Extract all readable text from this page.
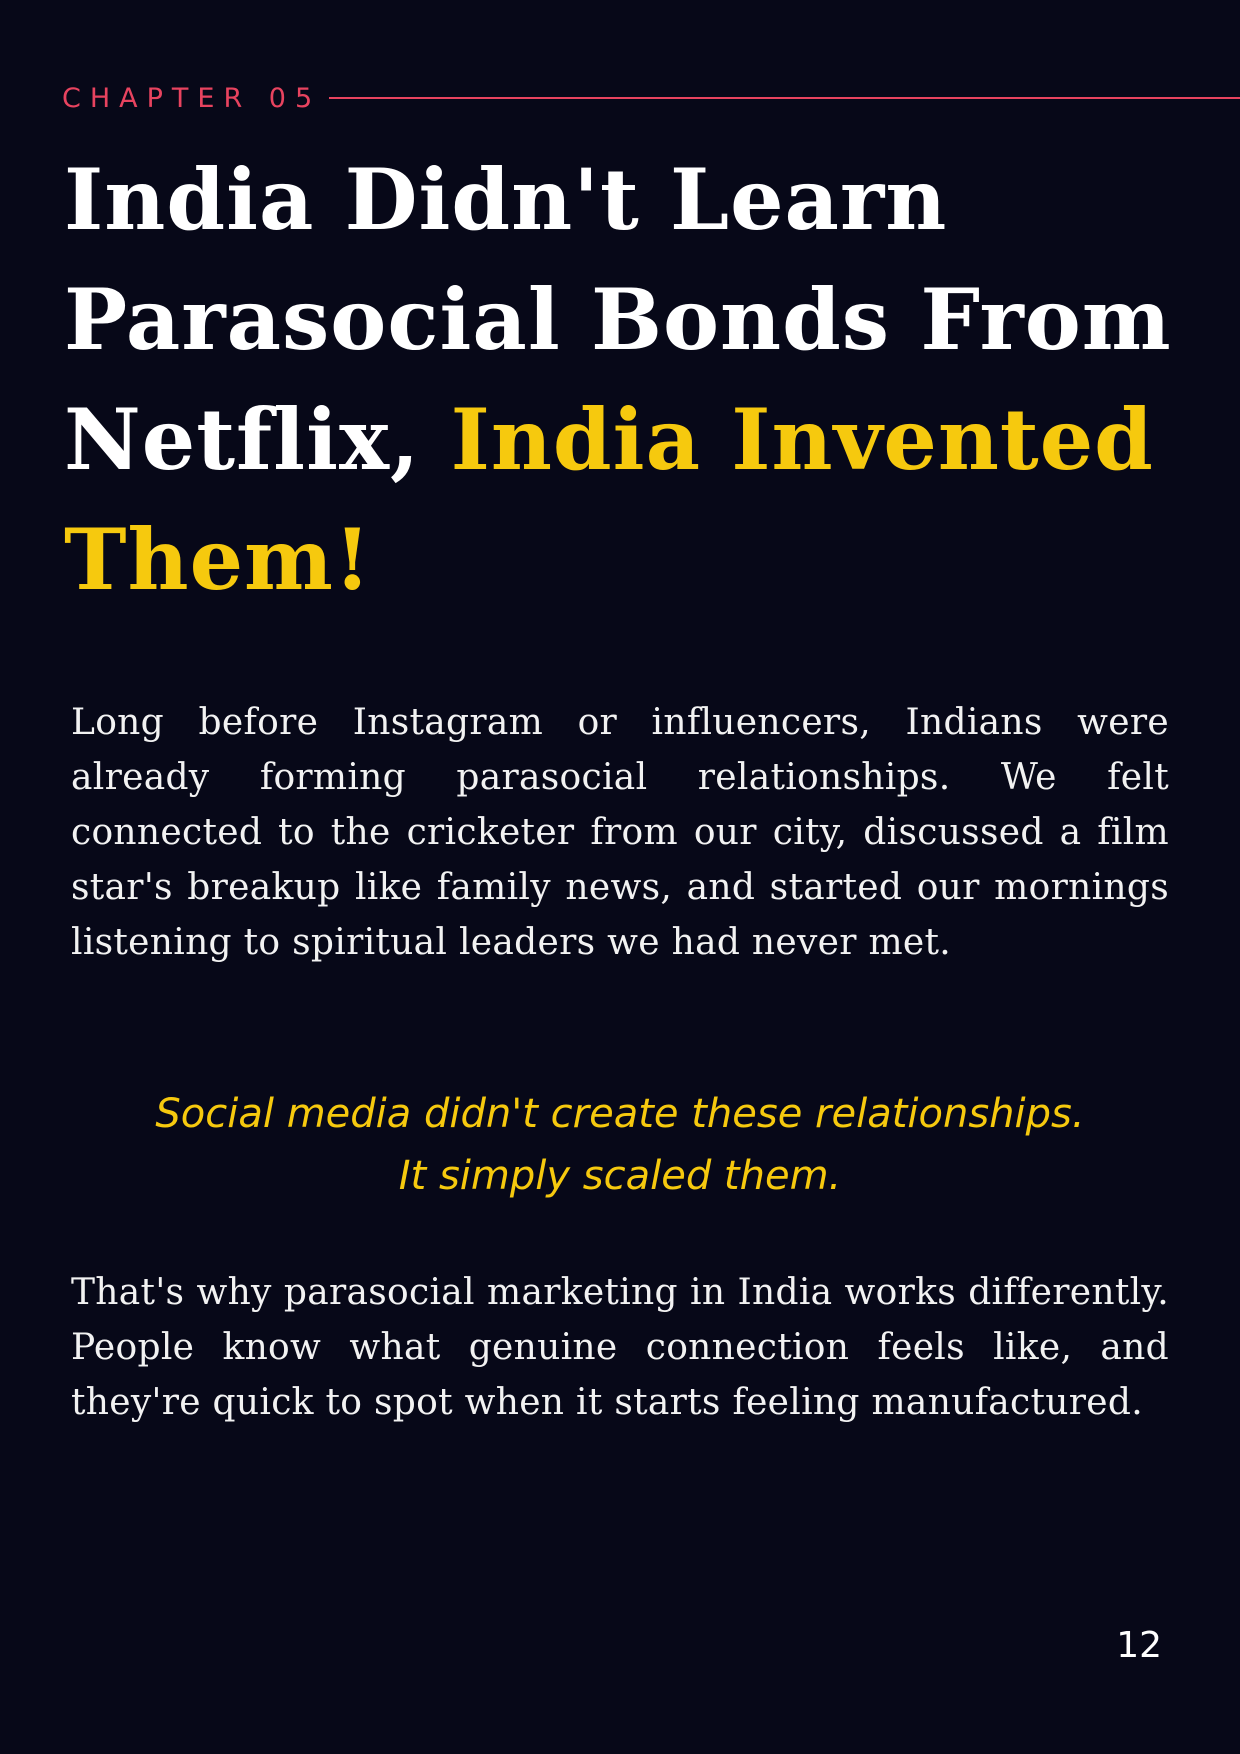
CHAPTER 05
India Didn't Learn Parasocial Bonds From Netflix, India Invented Them!

Long before Instagram or influencers, Indians were already forming parasocial relationships. We felt connected to the cricketer from our city, discussed a film star's breakup like family news, and started our mornings listening to spiritual leaders we had never met.

Social media didn't create these relationships.
It simply scaled them.

That's why parasocial marketing in India works differently. People know what genuine connection feels like, and they're quick to spot when it starts feeling manufactured.

12
